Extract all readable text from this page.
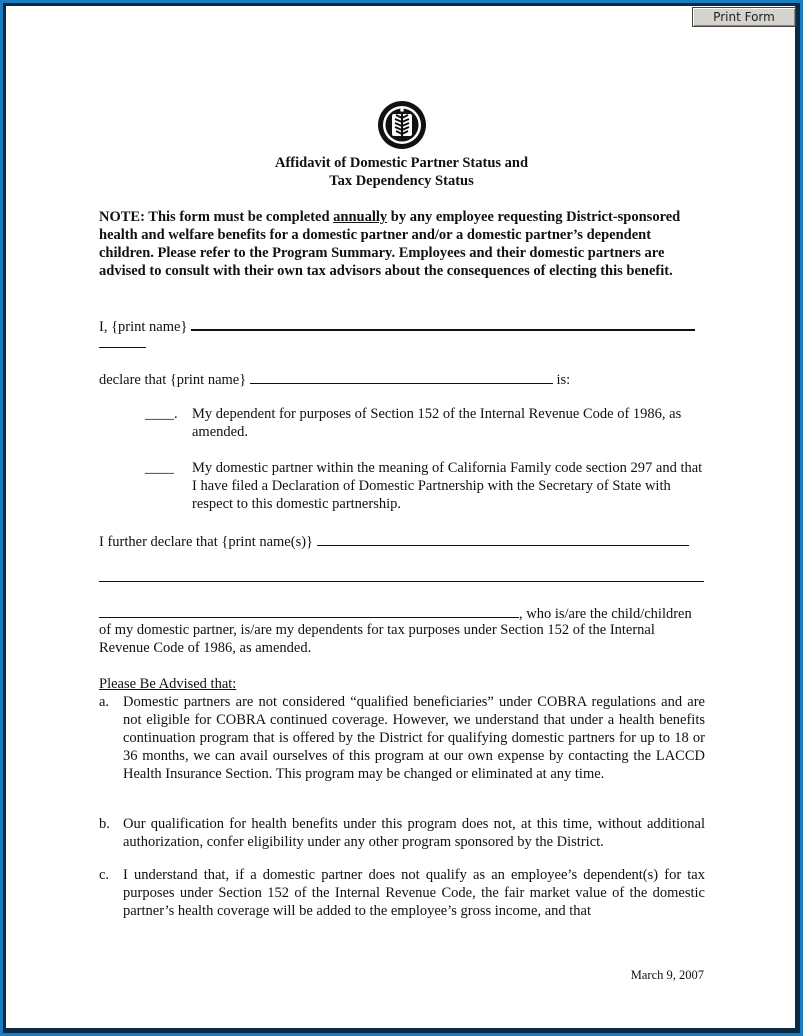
Print Form
Affidavit of Domestic Partner Status and
Tax Dependency Status
NOTE: This form must be completed annually by any employee requesting District-sponsored health and welfare benefits for a domestic partner and/or a domestic partner’s dependent children. Please refer to the Program Summary. Employees and their domestic partners are advised to consult with their own tax advisors about the consequences of electing this benefit.
I, {print name}
declare that {print name}	is:
____. My dependent for purposes of Section 152 of the Internal Revenue Code of 1986, as amended.
____	My domestic partner within the meaning of California Family code section 297 and that I have filed a Declaration of Domestic Partnership with the Secretary of State with respect to this domestic partnership.
I further declare that {print name(s)}
, who is/are the child/children
of my domestic partner, is/are my dependents for tax purposes under Section 152 of the Internal Revenue Code of 1986, as amended.
Please Be Advised that:
a. Domestic partners are not considered “qualified beneficiaries” under COBRA regulations and are not eligible for COBRA continued coverage. However, we understand that under a health benefits continuation program that is offered by the District for qualifying domestic partners for up to 18 or 36 months, we can avail ourselves of this program at our own expense by contacting the LACCD Health Insurance Section. This program may be changed or eliminated at any time.
b. Our qualification for health benefits under this program does not, at this time, without additional authorization, confer eligibility under any other program sponsored by the District.
c. I understand that, if a domestic partner does not qualify as an employee’s dependent(s) for tax purposes under Section 152 of the Internal Revenue Code, the fair market value of the domestic partner’s health coverage will be added to the employee’s gross income, and that
March 9, 2007
